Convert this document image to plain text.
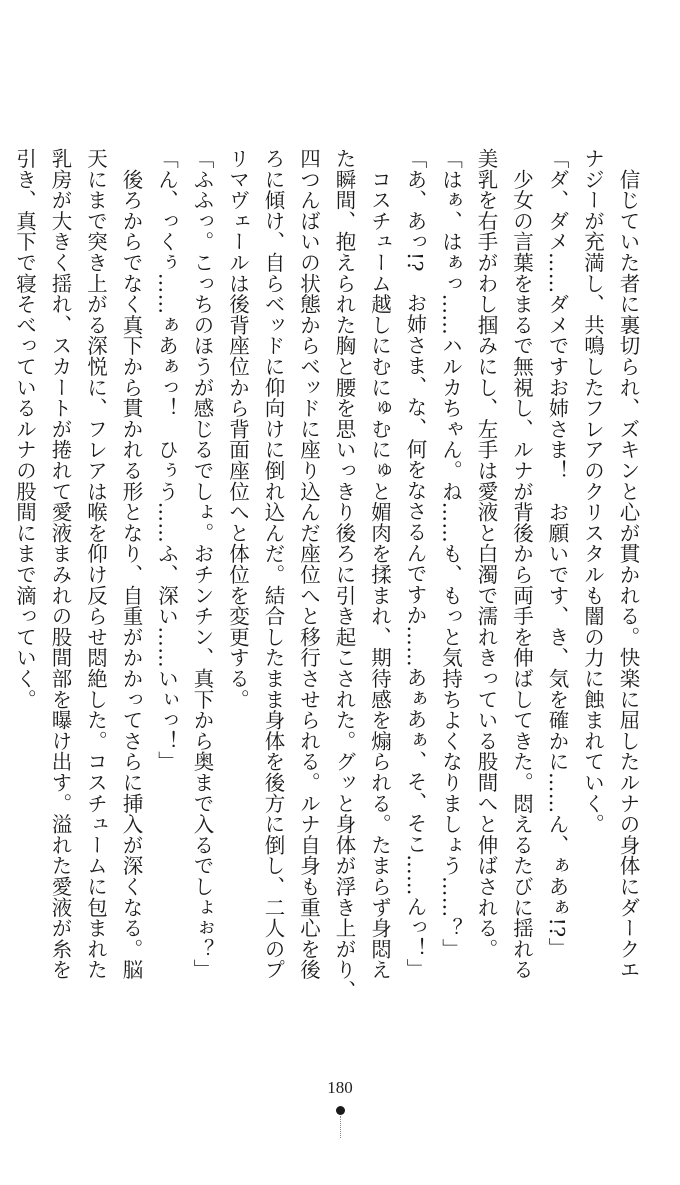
　信じていた者に裏切られ、ズキンと心が貫かれる。快楽に屈したルナの身体にダークエ
ナジーが充満し、共鳴したフレアのクリスタルも闇の力に蝕まれていく。
「ダ、ダメ……ダメですお姉さま！　お願いです、き、気を確かに……ん、ぁあぁ!?」
　少女の言葉をまるで無視し、ルナが背後から両手を伸ばしてきた。悶えるたびに揺れる
美乳を右手がわし掴みにし、左手は愛液と白濁で濡れきっている股間へと伸ばされる。
「はぁ、はぁっ……ハルカちゃん。ね……も、もっと気持ちよくなりましょう……？」
「あ、あっ!?　お姉さま、な、何をなさるんですか……あぁあぁ、そ、そこ……んっ！」
　コスチューム越しにむにゅむにゅと媚肉を揉まれ、期待感を煽られる。たまらず身悶え
た瞬間、抱えられた胸と腰を思いっきり後ろに引き起こされた。グッと身体が浮き上がり、
四つんばいの状態からベッドに座り込んだ座位へと移行させられる。ルナ自身も重心を後
ろに傾け、自らベッドに仰向けに倒れ込んだ。結合したまま身体を後方に倒し、二人のプ
リマヴェールは後背座位から背面座位へと体位を変更する。
「ふふっ。こっちのほうが感じるでしょ。おチンチン、真下から奥まで入るでしょぉ？」
「ん、っくぅ……ぁあぁっ！　ひぅう……ふ、深い……いぃっ！」
　後ろからでなく真下から貫かれる形となり、自重がかかってさらに挿入が深くなる。脳
天にまで突き上がる深悦に、フレアは喉を仰け反らせ悶絶した。コスチュームに包まれた
乳房が大きく揺れ、スカートが捲れて愛液まみれの股間部を曝け出す。溢れた愛液が糸を
引き、真下で寝そべっているルナの股間にまで滴っていく。
180
